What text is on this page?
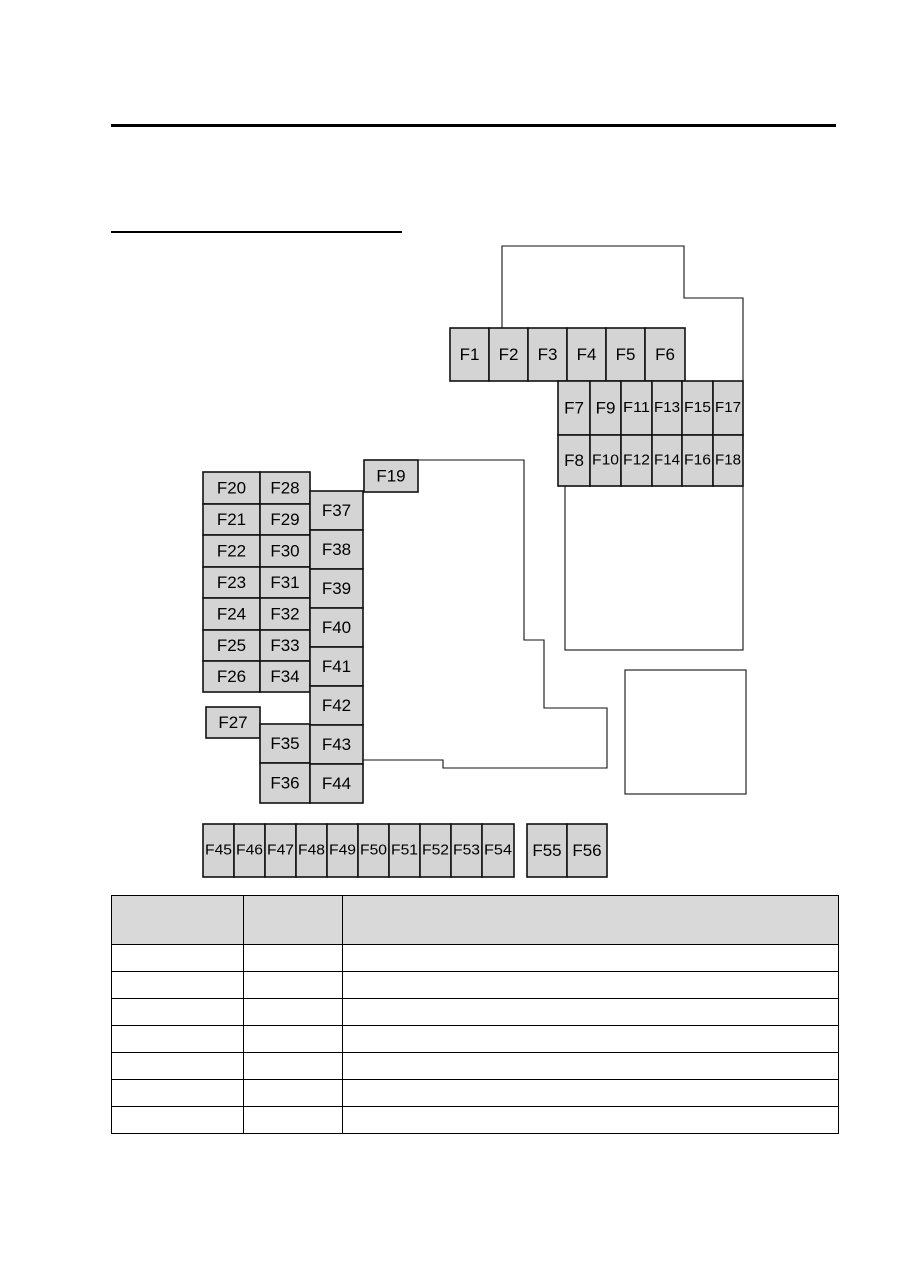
F1 F2 F3 F4 F5 F6
F7
F8
F9
F10
F11
F12
F13
F14
F15
F16
F17
F18
F19
F20
F21
F22
F23
F24
F25
F26
F27
F28
F29
F30
F31
F32
F33
F34
F35
F36
F37
F38
F39
F40
F41
F42
F43
F44
F45 F46 F47 F48 F49 F50 F51 F52 F53 F54 F55 F56
